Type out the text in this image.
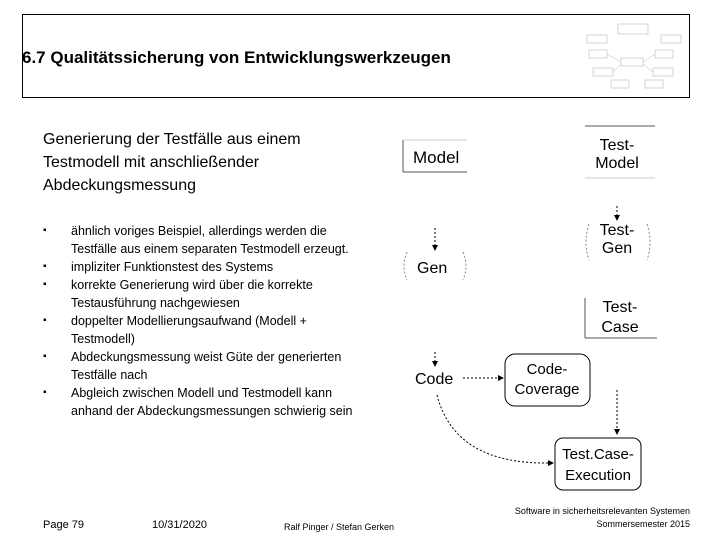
6.7 Qualitätssicherung von Entwicklungswerkzeugen
Generierung der Testfälle aus einem Testmodell mit anschließender Abdeckungsmessung
▪ ähnlich voriges Beispiel, allerdings werden die Testfälle aus einem separaten Testmodell erzeugt.
▪ impliziter Funktionstest des Systems
▪ korrekte Generierung wird über die korrekte Testausführung nachgewiesen
▪ doppelter Modellierungsaufwand (Modell + Testmodell)
▪ Abdeckungsmessung weist Güte der generierten Testfälle nach
▪ Abgleich zwischen Modell und Testmodell kann anhand der Abdeckungsmessungen schwierig sein
Model
Gen
Code
Code-
Coverage
Test-
Model
Test-
Gen
Test-
Case
Test.Case-
Execution
Page 79	10/31/2020	Ralf Pinger / Stefan Gerken
Software in sicherheitsrelevanten Systemen
Sommersemester 2015
